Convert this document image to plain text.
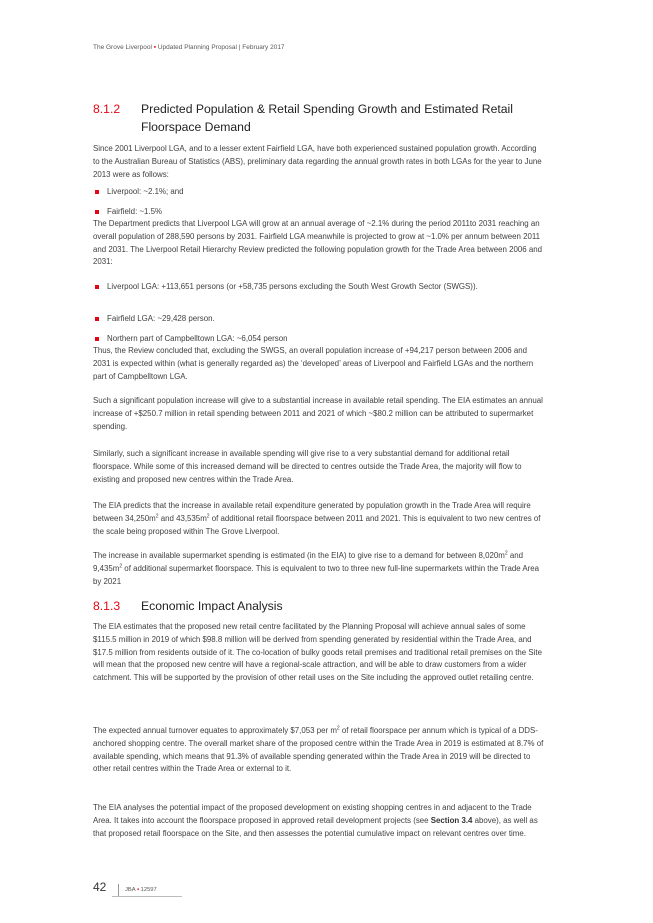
The Grove Liverpool ▪ Updated Planning Proposal | February 2017
8.1.2 Predicted Population & Retail Spending Growth and Estimated Retail Floorspace Demand
Since 2001 Liverpool LGA, and to a lesser extent Fairfield LGA, have both experienced sustained population growth. According to the Australian Bureau of Statistics (ABS), preliminary data regarding the annual growth rates in both LGAs for the year to June 2013 were as follows:
Liverpool: ~2.1%; and
Fairfield: ~1.5%
The Department predicts that Liverpool LGA will grow at an annual average of ~2.1% during the period 2011to 2031 reaching an overall population of 288,590 persons by 2031. Fairfield LGA meanwhile is projected to grow at ~1.0% per annum between 2011 and 2031. The Liverpool Retail Hierarchy Review predicted the following population growth for the Trade Area between 2006 and 2031:
Liverpool LGA: +113,651 persons (or +58,735 persons excluding the South West Growth Sector (SWGS)).
Fairfield LGA: ~29,428 person.
Northern part of Campbelltown LGA: ~6,054 person
Thus, the Review concluded that, excluding the SWGS, an overall population increase of +94,217 person between 2006 and 2031 is expected within (what is generally regarded as) the ‘developed’ areas of Liverpool and Fairfield LGAs and the northern part of Campbelltown LGA.
Such a significant population increase will give to a substantial increase in available retail spending. The EIA estimates an annual increase of +$250.7 million in retail spending between 2011 and 2021 of which ~$80.2 million can be attributed to supermarket spending.
Similarly, such a significant increase in available spending will give rise to a very substantial demand for additional retail floorspace. While some of this increased demand will be directed to centres outside the Trade Area, the majority will flow to existing and proposed new centres within the Trade Area.
The EIA predicts that the increase in available retail expenditure generated by population growth in the Trade Area will require between $34,250m^2$ and $43,535m^2$ of additional retail floorspace between 2011 and 2021. This is equivalent to two new centres of the scale being proposed within The Grove Liverpool.
The increase in available supermarket spending is estimated (in the EIA) to give rise to a demand for between $8,020m^2$ and $9,435m^2$ of additional supermarket floorspace. This is equivalent to two to three new full-line supermarkets within the Trade Area by 2021
8.1.3 Economic Impact Analysis
The EIA estimates that the proposed new retail centre facilitated by the Planning Proposal will achieve annual sales of some $115.5 million in 2019 of which $98.8 million will be derived from spending generated by residential within the Trade Area, and $17.5 million from residents outside of it. The co-location of bulky goods retail premises and traditional retail premises on the Site will mean that the proposed new centre will have a regional-scale attraction, and will be able to draw customers from a wider catchment. This will be supported by the provision of other retail uses on the Site including the approved outlet retailing centre.
The expected annual turnover equates to approximately $7,053 per $m^2$ of retail floorspace per annum which is typical of a DDS-anchored shopping centre. The overall market share of the proposed centre within the Trade Area in 2019 is estimated at 8.7% of available spending, which means that 91.3% of available spending generated within the Trade Area in 2019 will be directed to other retail centres within the Trade Area or external to it.
The EIA analyses the potential impact of the proposed development on existing shopping centres in and adjacent to the Trade Area. It takes into account the floorspace proposed in approved retail development projects (see Section 3.4 above), as well as that proposed retail floorspace on the Site, and then assesses the potential cumulative impact on relevant centres over time.
42	JBA ▪ 12597
